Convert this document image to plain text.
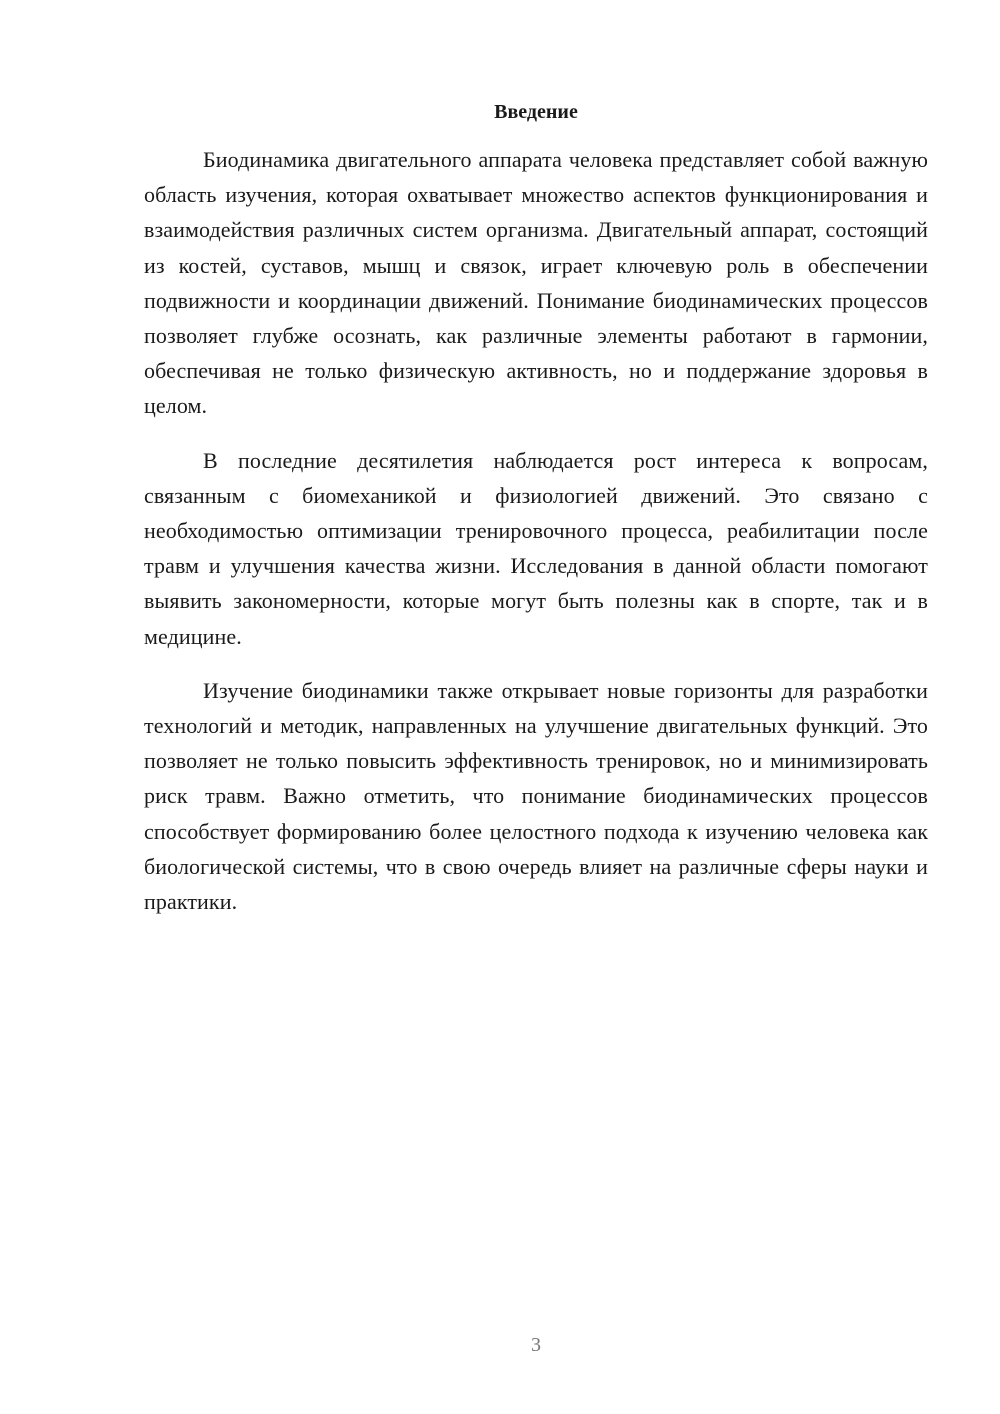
Введение

Биодинамика двигательного аппарата человека представляет собой важную область изучения, которая охватывает множество аспектов функционирования и взаимодействия различных систем организма. Двигательный аппарат, состоящий из костей, суставов, мышц и связок, играет ключевую роль в обеспечении подвижности и координации движений. Понимание биодинамических процессов позволяет глубже осознать, как различные элементы работают в гармонии, обеспечивая не только физическую активность, но и поддержание здоровья в целом.

В последние десятилетия наблюдается рост интереса к вопросам, связанным с биомеханикой и физиологией движений. Это связано с необходимостью оптимизации тренировочного процесса, реабилитации после травм и улучшения качества жизни. Исследования в данной области помогают выявить закономерности, которые могут быть полезны как в спорте, так и в медицине.

Изучение биодинамики также открывает новые горизонты для разработки технологий и методик, направленных на улучшение двигательных функций. Это позволяет не только повысить эффективность тренировок, но и минимизировать риск травм. Важно отметить, что понимание биодинамических процессов способствует формированию более целостного подхода к изучению человека как биологической системы, что в свою очередь влияет на различные сферы науки и практики.

3
